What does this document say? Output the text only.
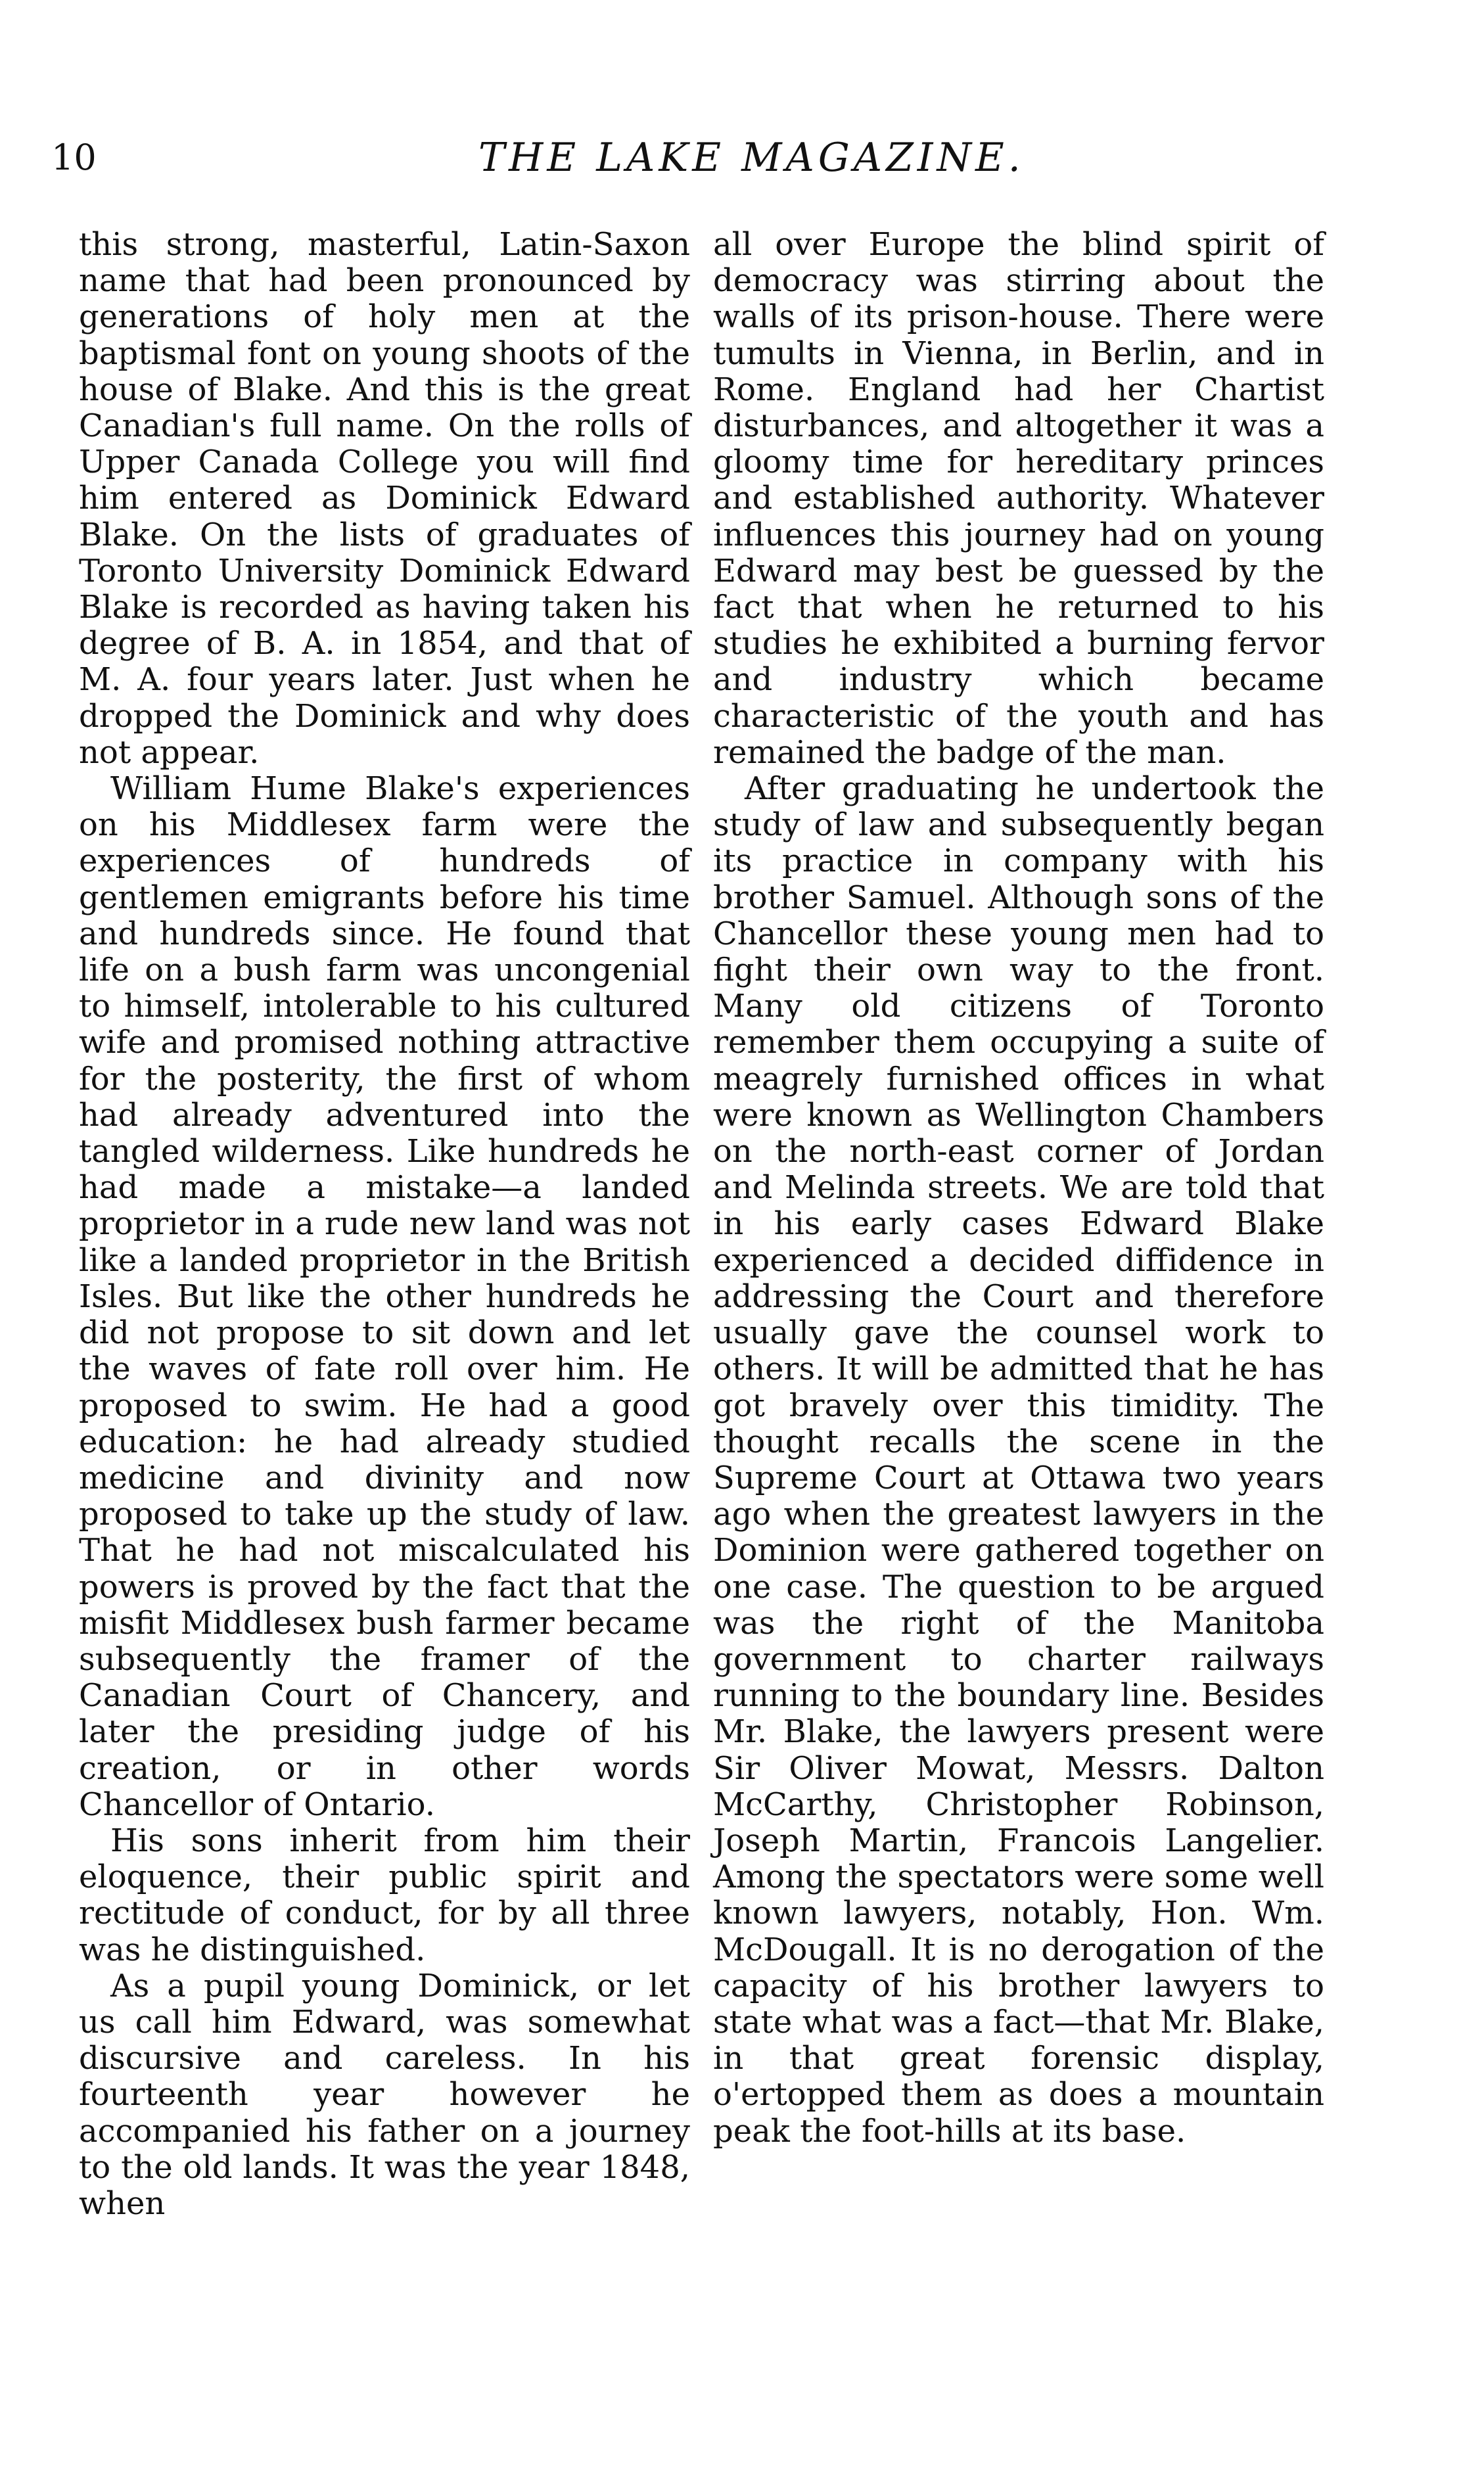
10	THE LAKE MAGAZINE.

this strong, masterful, Latin-Saxon name that had been pronounced by generations of holy men at the baptismal font on young shoots of the house of Blake. And this is the great Canadian's full name. On the rolls of Upper Canada College you will find him entered as Dominick Edward Blake. On the lists of graduates of Toronto University Dominick Edward Blake is recorded as having taken his degree of B. A. in 1854, and that of M. A. four years later. Just when he dropped the Dominick and why does not appear.

William Hume Blake's experiences on his Middlesex farm were the experiences of hundreds of gentlemen emigrants before his time and hundreds since. He found that life on a bush farm was uncongenial to himself, intolerable to his cultured wife and promised nothing attractive for the posterity, the first of whom had already adventured into the tangled wilderness. Like hundreds he had made a mistake—a landed proprietor in a rude new land was not like a landed proprietor in the British Isles. But like the other hundreds he did not propose to sit down and let the waves of fate roll over him. He proposed to swim. He had a good education: he had already studied medicine and divinity and now proposed to take up the study of law. That he had not miscalculated his powers is proved by the fact that the misfit Middlesex bush farmer became subsequently the framer of the Canadian Court of Chancery, and later the presiding judge of his creation, or in other words Chancellor of Ontario.

His sons inherit from him their eloquence, their public spirit and rectitude of conduct, for by all three was he distinguished.

As a pupil young Dominick, or let us call him Edward, was somewhat discursive and careless. In his fourteenth year however he accompanied his father on a journey to the old lands. It was the year 1848, when

all over Europe the blind spirit of democracy was stirring about the walls of its prison-house. There were tumults in Vienna, in Berlin, and in Rome. England had her Chartist disturbances, and altogether it was a gloomy time for hereditary princes and established authority. Whatever influences this journey had on young Edward may best be guessed by the fact that when he returned to his studies he exhibited a burning fervor and industry which became characteristic of the youth and has remained the badge of the man.

After graduating he undertook the study of law and subsequently began its practice in company with his brother Samuel. Although sons of the Chancellor these young men had to fight their own way to the front. Many old citizens of Toronto remember them occupying a suite of meagrely furnished offices in what were known as Wellington Chambers on the north-east corner of Jordan and Melinda streets. We are told that in his early cases Edward Blake experienced a decided diffidence in addressing the Court and therefore usually gave the counsel work to others. It will be admitted that he has got bravely over this timidity. The thought recalls the scene in the Supreme Court at Ottawa two years ago when the greatest lawyers in the Dominion were gathered together on one case. The question to be argued was the right of the Manitoba government to charter railways running to the boundary line. Besides Mr. Blake, the lawyers present were Sir Oliver Mowat, Messrs. Dalton McCarthy, Christopher Robinson, Joseph Martin, Francois Langelier. Among the spectators were some well known lawyers, notably, Hon. Wm. McDougall. It is no derogation of the capacity of his brother lawyers to state what was a fact—that Mr. Blake, in that great forensic display, o'ertopped them as does a mountain peak the foot-hills at its base.
